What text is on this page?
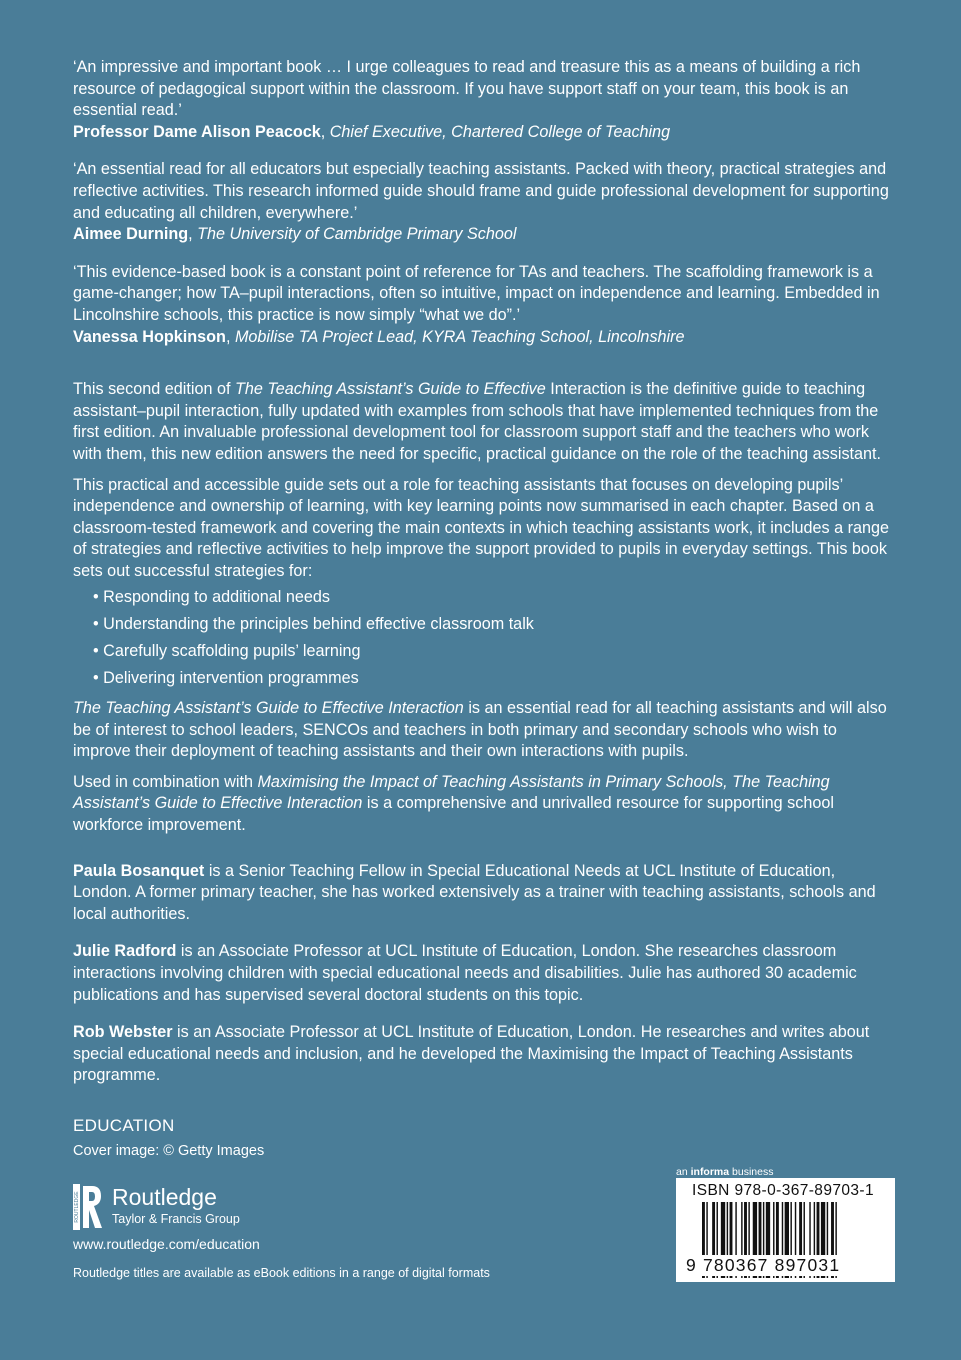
‘An impressive and important book … I urge colleagues to read and treasure this as a means of building a rich resource of pedagogical support within the classroom. If you have support staff on your team, this book is an essential read.’
Professor Dame Alison Peacock, Chief Executive, Chartered College of Teaching

‘An essential read for all educators but especially teaching assistants. Packed with theory, practical strategies and reflective activities. This research informed guide should frame and guide professional development for supporting and educating all children, everywhere.’
Aimee Durning, The University of Cambridge Primary School

‘This evidence-based book is a constant point of reference for TAs and teachers. The scaffolding framework is a game-changer; how TA–pupil interactions, often so intuitive, impact on independence and learning. Embedded in Lincolnshire schools, this practice is now simply “what we do”.’
Vanessa Hopkinson, Mobilise TA Project Lead, KYRA Teaching School, Lincolnshire

This second edition of The Teaching Assistant’s Guide to Effective Interaction is the definitive guide to teaching assistant–pupil interaction, fully updated with examples from schools that have implemented techniques from the first edition. An invaluable professional development tool for classroom support staff and the teachers who work with them, this new edition answers the need for specific, practical guidance on the role of the teaching assistant.

This practical and accessible guide sets out a role for teaching assistants that focuses on developing pupils’ independence and ownership of learning, with key learning points now summarised in each chapter. Based on a classroom-tested framework and covering the main contexts in which teaching assistants work, it includes a range of strategies and reflective activities to help improve the support provided to pupils in everyday settings. This book sets out successful strategies for:

• Responding to additional needs
• Understanding the principles behind effective classroom talk
• Carefully scaffolding pupils’ learning
• Delivering intervention programmes

The Teaching Assistant’s Guide to Effective Interaction is an essential read for all teaching assistants and will also be of interest to school leaders, SENCOs and teachers in both primary and secondary schools who wish to improve their deployment of teaching assistants and their own interactions with pupils.

Used in combination with Maximising the Impact of Teaching Assistants in Primary Schools, The Teaching Assistant’s Guide to Effective Interaction is a comprehensive and unrivalled resource for supporting school workforce improvement.

Paula Bosanquet is a Senior Teaching Fellow in Special Educational Needs at UCL Institute of Education, London. A former primary teacher, she has worked extensively as a trainer with teaching assistants, schools and local authorities.

Julie Radford is an Associate Professor at UCL Institute of Education, London. She researches classroom interactions involving children with special educational needs and disabilities. Julie has authored 30 academic publications and has supervised several doctoral students on this topic.

Rob Webster is an Associate Professor at UCL Institute of Education, London. He researches and writes about special educational needs and inclusion, and he developed the Maximising the Impact of Teaching Assistants programme.

EDUCATION
Cover image: © Getty Images
ROUTLEDGE Routledge
Taylor & Francis Group
www.routledge.com/education
Routledge titles are available as eBook editions in a range of digital formats
an informa business
ISBN 978-0-367-89703-1
9 780367 897031
